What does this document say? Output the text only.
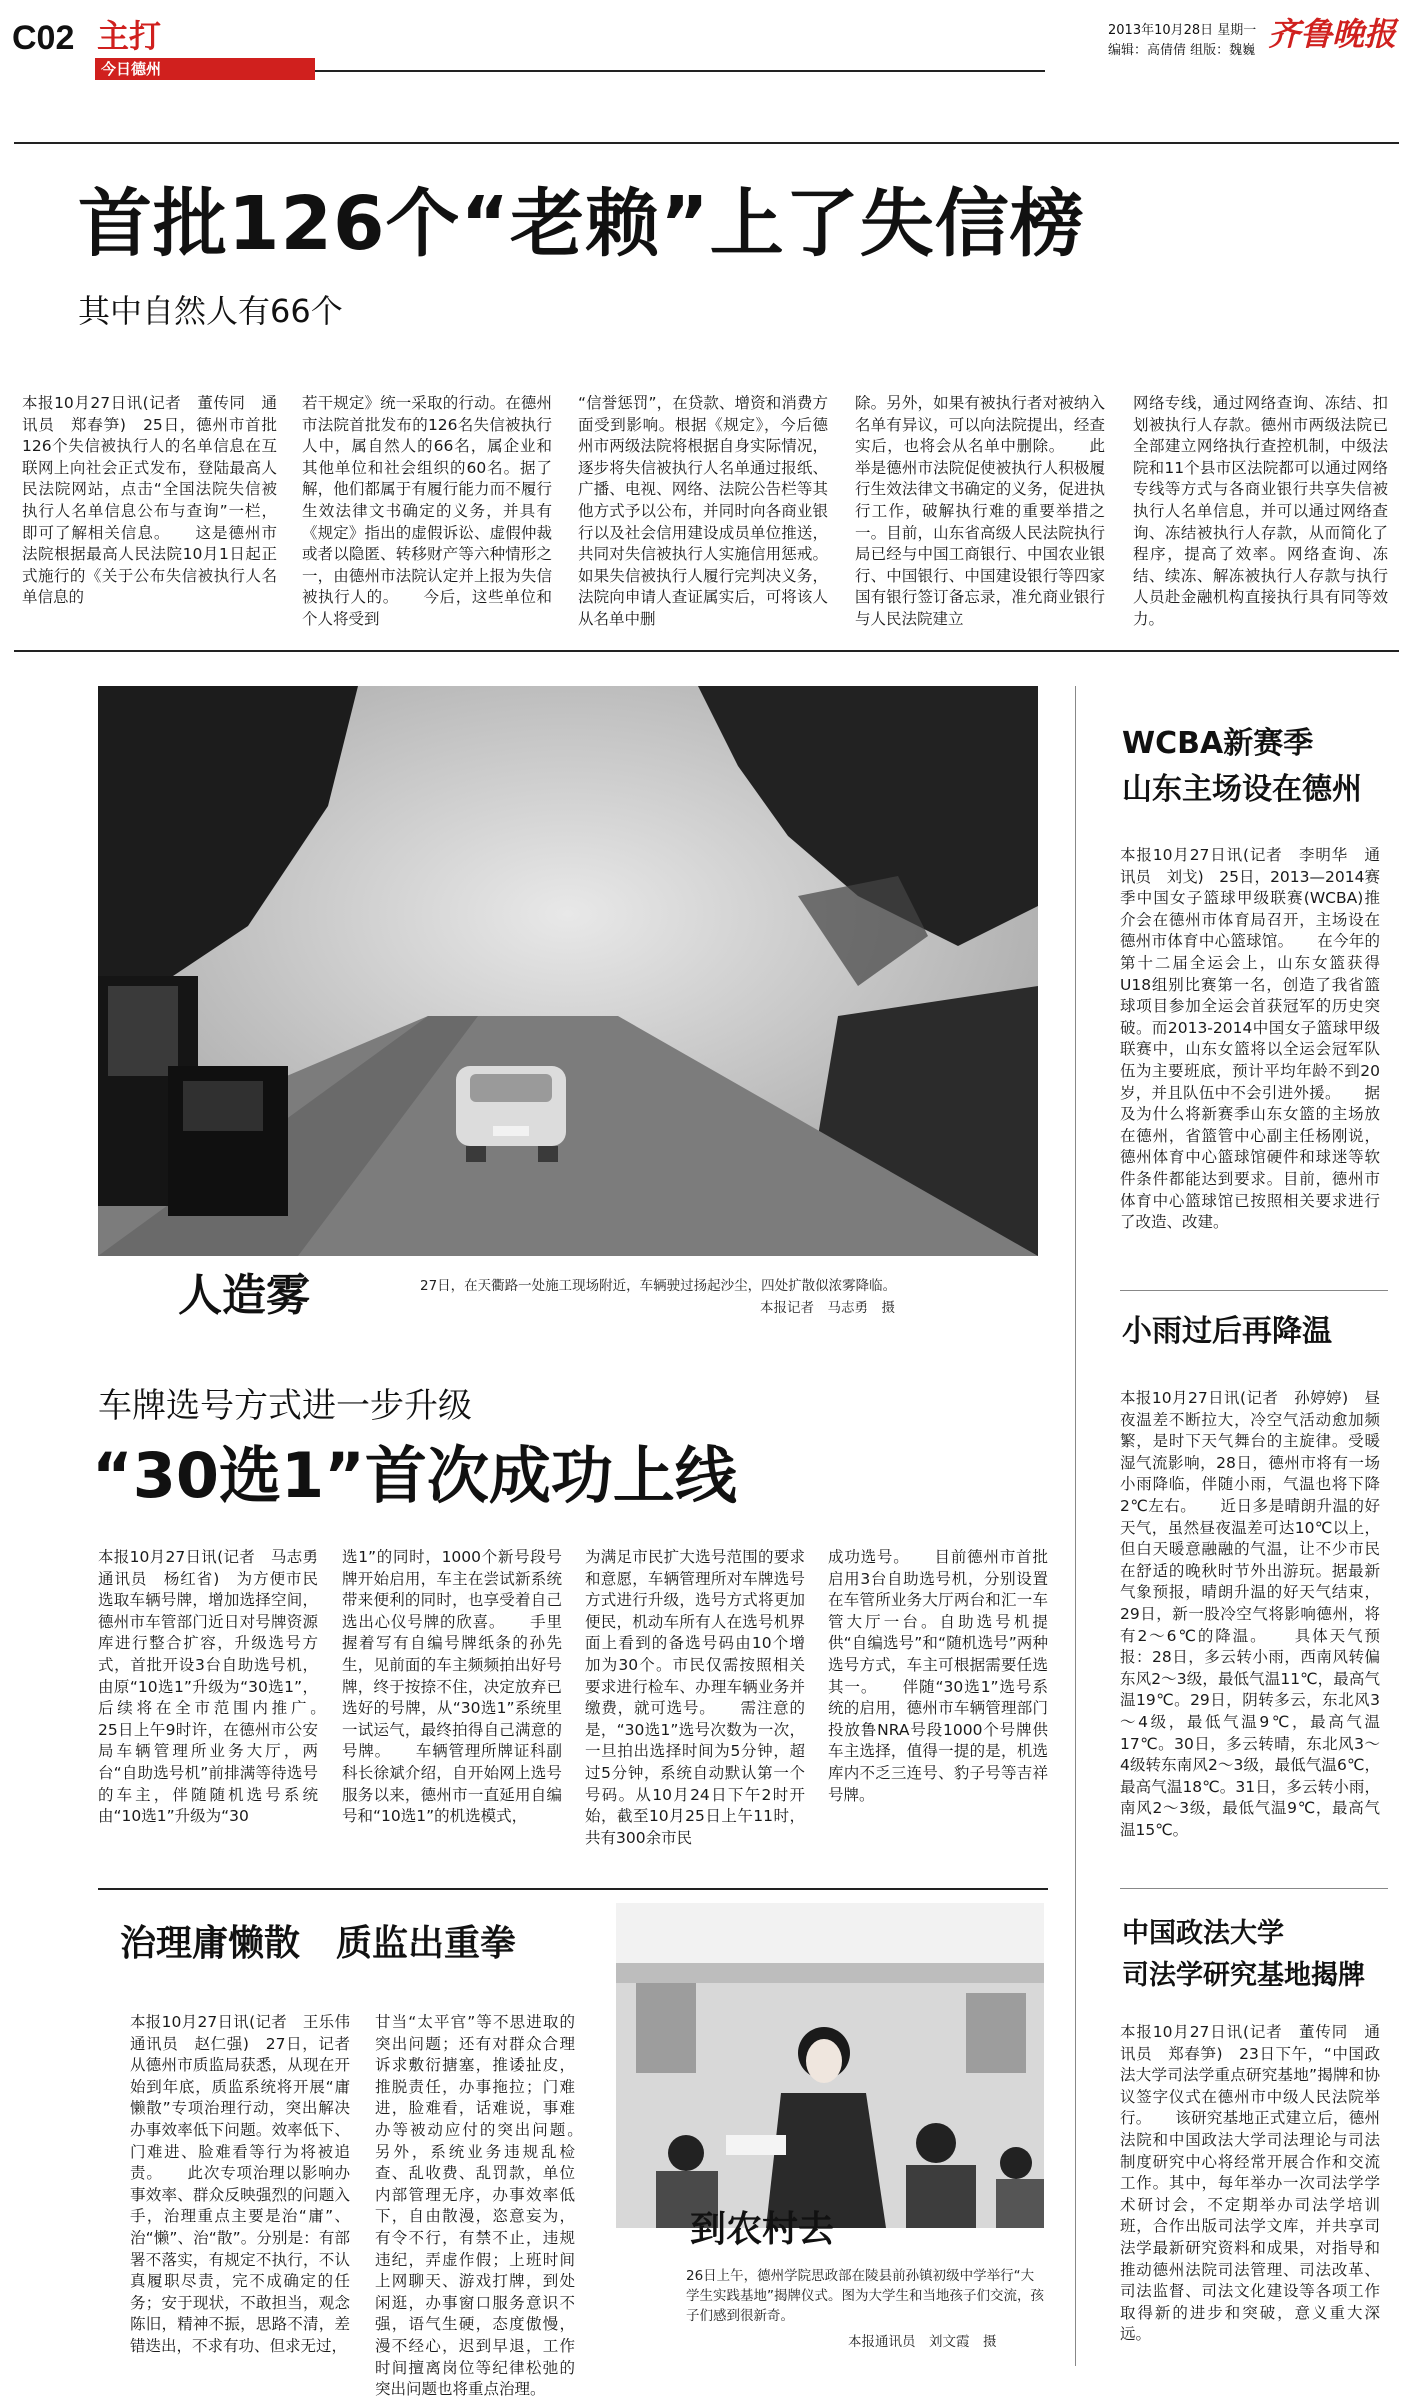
C02 主打
今日德州
2013年10月28日 星期一
编辑：高倩倩 组版：魏巍 齐鲁晚报
首批126个“老赖”上了失信榜
其中自然人有66个
本报10月27日讯(记者　董传同　通讯员　郑春笋)　25日，德州市首批126个失信被执行人的名单信息在互联网上向社会正式发布，登陆最高人民法院网站，点击“全国法院失信被执行人名单信息公布与查询”一栏，即可了解相关信息。　　这是德州市法院根据最高人民法院10月1日起正式施行的《关于公布失信被执行人名单信息的
若干规定》统一采取的行动。在德州市法院首批发布的126名失信被执行人中，属自然人的66名，属企业和其他单位和社会组织的60名。据了解，他们都属于有履行能力而不履行生效法律文书确定的义务，并具有《规定》指出的虚假诉讼、虚假仲裁或者以隐匿、转移财产等六种情形之一，由德州市法院认定并上报为失信被执行人的。　　今后，这些单位和个人将受到
“信誉惩罚”，在贷款、增资和消费方面受到影响。根据《规定》，今后德州市两级法院将根据自身实际情况，逐步将失信被执行人名单通过报纸、广播、电视、网络、法院公告栏等其他方式予以公布，并同时向各商业银行以及社会信用建设成员单位推送，共同对失信被执行人实施信用惩戒。如果失信被执行人履行完判决义务，法院向申请人查证属实后，可将该人从名单中删
除。另外，如果有被执行者对被纳入名单有异议，可以向法院提出，经查实后，也将会从名单中删除。　　此举是德州市法院促使被执行人积极履行生效法律文书确定的义务，促进执行工作，破解执行难的重要举措之一。目前，山东省高级人民法院执行局已经与中国工商银行、中国农业银行、中国银行、中国建设银行等四家国有银行签订备忘录，准允商业银行与人民法院建立
网络专线，通过网络查询、冻结、扣划被执行人存款。德州市两级法院已全部建立网络执行查控机制，中级法院和11个县市区法院都可以通过网络专线等方式与各商业银行共享失信被执行人名单信息，并可以通过网络查询、冻结被执行人存款，从而简化了程序，提高了效率。网络查询、冻结、续冻、解冻被执行人存款与执行人员赴金融机构直接执行具有同等效力。
人造雾	27日，在天衢路一处施工现场附近，车辆驶过扬起沙尘，四处扩散似浓雾降临。
本报记者　马志勇　摄
车牌选号方式进一步升级
“30选1”首次成功上线
本报10月27日讯(记者　马志勇　通讯员　杨红省)　为方便市民选取车辆号牌，增加选择空间，德州市车管部门近日对号牌资源库进行整合扩容，升级选号方式，首批开设3台自助选号机，由原“10选1”升级为“30选1”，后续将在全市范围内推广。　　25日上午9时许，在德州市公安局车辆管理所业务大厅，两台“自助选号机”前排满等待选号的车主，伴随随机选号系统由“10选1”升级为“30
选1”的同时，1000个新号段号牌开始启用，车主在尝试新系统带来便利的同时，也享受着自己选出心仪号牌的欣喜。　　手里握着写有自编号牌纸条的孙先生，见前面的车主频频拍出好号牌，终于按捺不住，决定放弃已选好的号牌，从“30选1”系统里一试运气，最终拍得自己满意的号牌。　　车辆管理所牌证科副科长徐斌介绍，自开始网上选号服务以来，德州市一直延用自编号和“10选1”的机选模式，
为满足市民扩大选号范围的要求和意愿，车辆管理所对车牌选号方式进行升级，选号方式将更加便民，机动车所有人在选号机界面上看到的备选号码由10个增加为30个。市民仅需按照相关要求进行检车、办理车辆业务并缴费，就可选号。　　需注意的是，“30选1”选号次数为一次，一旦拍出选择时间为5分钟，超过5分钟，系统自动默认第一个号码。从10月24日下午2时开始，截至10月25日上午11时，共有300余市民
成功选号。　　目前德州市首批启用3台自助选号机，分别设置在车管所业务大厅两台和汇一车管大厅一台。自助选号机提供“自编选号”和“随机选号”两种选号方式，车主可根据需要任选其一。　　伴随“30选1”选号系统的启用，德州市车辆管理部门投放鲁NRA号段1000个号牌供车主选择，值得一提的是，机选库内不乏三连号、豹子号等吉祥号牌。
治理庸懒散　质监出重拳
本报10月27日讯(记者　王乐伟　通讯员　赵仁强)　27日，记者从德州市质监局获悉，从现在开始到年底，质监系统将开展“庸懒散”专项治理行动，突出解决办事效率低下问题。效率低下、门难进、脸难看等行为将被追责。　　此次专项治理以影响办事效率、群众反映强烈的问题入手，治理重点主要是治“庸”、治“懒”、治“散”。分别是：有部署不落实，有规定不执行，不认真履职尽责，完不成确定的任务；安于现状，不敢担当，观念陈旧，精神不振，思路不清，差错迭出，不求有功、但求无过，
甘当“太平官”等不思进取的突出问题；还有对群众合理诉求敷衍搪塞，推诿扯皮，推脱责任，办事拖拉；门难进，脸难看，话难说，事难办等被动应付的突出问题。　　另外，系统业务违规乱检查、乱收费、乱罚款，单位内部管理无序，办事效率低下，自由散漫，恣意妄为，有令不行，有禁不止，违规违纪，弄虚作假；上班时间上网聊天、游戏打牌，到处闲逛，办事窗口服务意识不强，语气生硬，态度傲慢，漫不经心，迟到早退，工作时间擅离岗位等纪律松弛的突出问题也将重点治理。
到农村去
26日上午，德州学院思政部在陵县前孙镇初级中学举行“大学生实践基地”揭牌仪式。图为大学生和当地孩子们交流，孩子们感到很新奇。
本报通讯员　刘文霞　摄
WCBA新赛季
山东主场设在德州
本报10月27日讯(记者　李明华　通讯员　刘戈)　25日，2013—2014赛季中国女子篮球甲级联赛(WCBA)推介会在德州市体育局召开，主场设在德州市体育中心篮球馆。　　在今年的第十二届全运会上，山东女篮获得U18组别比赛第一名，创造了我省篮球项目参加全运会首获冠军的历史突破。而2013-2014中国女子篮球甲级联赛中，山东女篮将以全运会冠军队伍为主要班底，预计平均年龄不到20岁，并且队伍中不会引进外援。　　据及为什么将新赛季山东女篮的主场放在德州，省篮管中心副主任杨刚说，德州体育中心篮球馆硬件和球迷等软件条件都能达到要求。目前，德州市体育中心篮球馆已按照相关要求进行了改造、改建。
小雨过后再降温
本报10月27日讯(记者　孙婷婷)　昼夜温差不断拉大，冷空气活动愈加频繁，是时下天气舞台的主旋律。受暖湿气流影响，28日，德州市将有一场小雨降临，伴随小雨，气温也将下降2℃左右。　　近日多是晴朗升温的好天气，虽然昼夜温差可达10℃以上，但白天暖意融融的气温，让不少市民在舒适的晚秋时节外出游玩。据最新气象预报，晴朗升温的好天气结束，29日，新一股冷空气将影响德州，将有2～6℃的降温。　　具体天气预报：28日，多云转小雨，西南风转偏东风2～3级，最低气温11℃，最高气温19℃。29日，阴转多云，东北风3～4级，最低气温9℃，最高气温17℃。30日，多云转晴，东北风3～4级转东南风2～3级，最低气温6℃，最高气温18℃。31日，多云转小雨，南风2～3级，最低气温9℃，最高气温15℃。
中国政法大学
司法学研究基地揭牌
本报10月27日讯(记者　董传同　通讯员　郑春笋)　23日下午，“中国政法大学司法学重点研究基地”揭牌和协议签字仪式在德州市中级人民法院举行。　　该研究基地正式建立后，德州法院和中国政法大学司法理论与司法制度研究中心将经常开展合作和交流工作。其中，每年举办一次司法学学术研讨会，不定期举办司法学培训班，合作出版司法学文库，并共享司法学最新研究资料和成果，对指导和推动德州法院司法管理、司法改革、司法监督、司法文化建设等各项工作取得新的进步和突破，意义重大深远。
